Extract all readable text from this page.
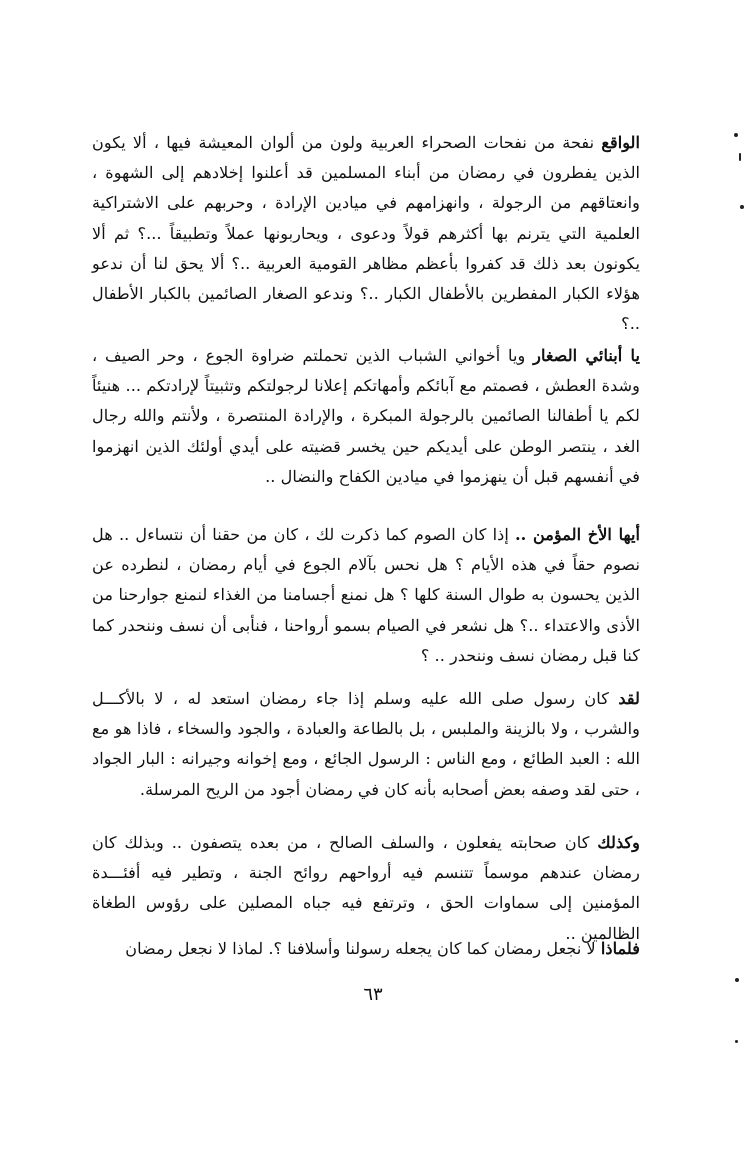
الواقع نفحة من نفحات الصحراء العربية ولون من ألوان المعيشة فيها ، ألا يكون الذين يفطرون في رمضان من أبناء المسلمين قد أعلنوا إخلادهم إلى الشهوة ، وانعتاقهم من الرجولة ، وانهزامهم في ميادين الإرادة ، وحربهم على الاشتراكية العلمية التي يترنم بها أكثرهم قولاً ودعوى ، ويحاربونها عملاً وتطبيقاً ...؟ ثم ألا يكونون بعد ذلك قد كفروا بأعظم مظاهر القومية العربية ..؟ ألا يحق لنا أن ندعو هؤلاء الكبار المفطرين بالأطفال الكبار ..؟ وندعو الصغار الصائمين بالكبار الأطفال ..؟

يا أبنائي الصغار ويا أخواني الشباب الذين تحملتم ضراوة الجوع ، وحر الصيف ، وشدة العطش ، فصمتم مع آبائكم وأمهاتكم إعلانا لرجولتكم وتثبيتاً لإرادتكم ... هنيئاً لكم يا أطفالنا الصائمين بالرجولة المبكرة ، والإرادة المنتصرة ، ولأنتم والله رجال الغد ، ينتصر الوطن على أيديكم حين يخسر قضيته على أيدي أولئك الذين انهزموا في أنفسهم قبل أن ينهزموا في ميادين الكفاح والنضال ..

أيها الأخ المؤمن .. إذا كان الصوم كما ذكرت لك ، كان من حقنا أن نتساءل .. هل نصوم حقاً في هذه الأيام ؟ هل نحس بآلام الجوع في أيام رمضان ، لنطرده عن الذين يحسون به طوال السنة كلها ؟ هل نمنع أجسامنا من الغذاء لنمنع جوارحنا من الأذى والاعتداء ..؟ هل نشعر في الصيام بسمو أرواحنا ، فنأبى أن نسف وننحدر كما كنا قبل رمضان نسف وننحدر .. ؟

لقد كان رسول صلى الله عليه وسلم إذا جاء رمضان استعد له ، لا بالأكـــل والشرب ، ولا بالزينة والملبس ، بل بالطاعة والعبادة ، والجود والسخاء ، فاذا هو مع الله : العبد الطائع ، ومع الناس : الرسول الجائع ، ومع إخوانه وجيرانه : البار الجواد ، حتى لقد وصفه بعض أصحابه بأنه كان في رمضان أجود من الريح المرسلة.

وكذلك كان صحابته يفعلون ، والسلف الصالح ، من بعده يتصفون .. وبذلك كان رمضان عندهم موسماً تتنسم فيه أرواحهم روائح الجنة ، وتطير فيه أفئـــدة المؤمنين إلى سماوات الحق ، وترتفع فيه جباه المصلين على رؤوس الطغاة الظالمين ..

فلماذا لا نجعل رمضان كما كان يجعله رسولنا وأسلافنا ؟. لماذا لا نجعل رمضان

٦٣
